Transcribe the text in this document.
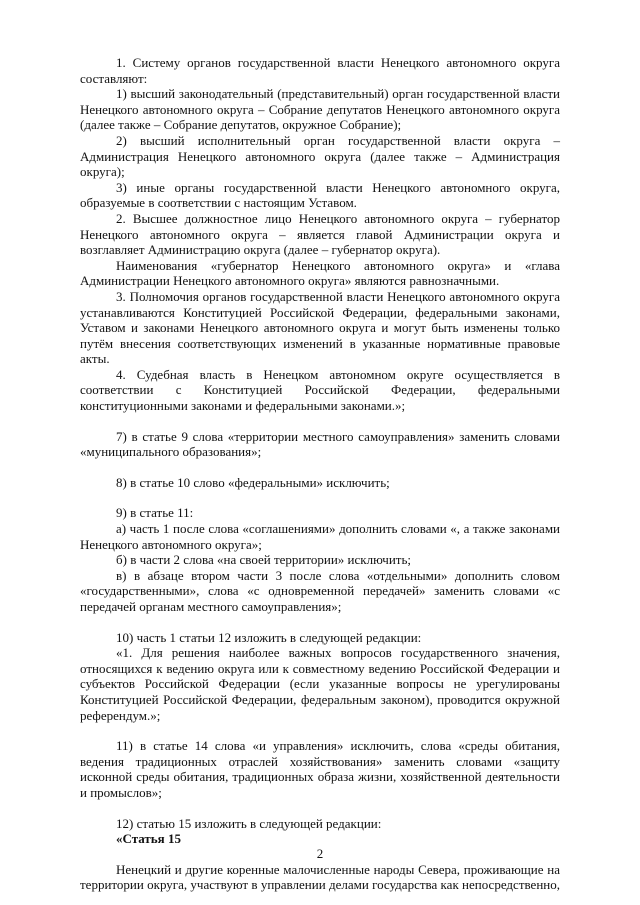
1. Систему органов государственной власти Ненецкого автономного округа составляют:

1) высший законодательный (представительный) орган государственной власти Ненецкого автономного округа – Собрание депутатов Ненецкого автономного округа (далее также – Собрание депутатов, окружное Собрание);

2) высший исполнительный орган государственной власти округа – Администрация Ненецкого автономного округа (далее также – Администрация округа);

3) иные органы государственной власти Ненецкого автономного округа, образуемые в соответствии с настоящим Уставом.

2. Высшее должностное лицо Ненецкого автономного округа – губернатор Ненецкого автономного округа – является главой Администрации округа и возглавляет Администрацию округа (далее – губернатор округа).

Наименования «губернатор Ненецкого автономного округа» и «глава Администрации Ненецкого автономного округа» являются равнозначными.

3. Полномочия органов государственной власти Ненецкого автономного округа устанавливаются Конституцией Российской Федерации, федеральными законами, Уставом и законами Ненецкого автономного округа и могут быть изменены только путём внесения соответствующих изменений в указанные нормативные правовые акты.

4. Судебная власть в Ненецком автономном округе осуществляется в соответствии с Конституцией Российской Федерации, федеральными конституционными законами и федеральными законами.»;

7) в статье 9 слова «территории местного самоуправления» заменить словами «муниципального образования»;

8) в статье 10 слово «федеральными» исключить;

9) в статье 11:

а) часть 1 после слова «соглашениями» дополнить словами «, а также законами Ненецкого автономного округа»;

б) в части 2 слова «на своей территории» исключить;

в) в абзаце втором части 3 после слова «отдельными» дополнить словом «государственными», слова «с одновременной передачей» заменить словами «с передачей органам местного самоуправления»;

10) часть 1 статьи 12 изложить в следующей редакции:

«1. Для решения наиболее важных вопросов государственного значения, относящихся к ведению округа или к совместному ведению Российской Федерации и субъектов Российской Федерации (если указанные вопросы не урегулированы Конституцией Российской Федерации, федеральным законом), проводится окружной референдум.»;

11) в статье 14 слова «и управления» исключить, слова «среды обитания, ведения традиционных отраслей хозяйствования» заменить словами «защиту исконной среды обитания, традиционных образа жизни, хозяйственной деятельности и промыслов»;

12) статью 15 изложить в следующей редакции:

«Статья 15

Ненецкий и другие коренные малочисленные народы Севера, проживающие на территории округа, участвуют в управлении делами государства как непосредственно,

2
